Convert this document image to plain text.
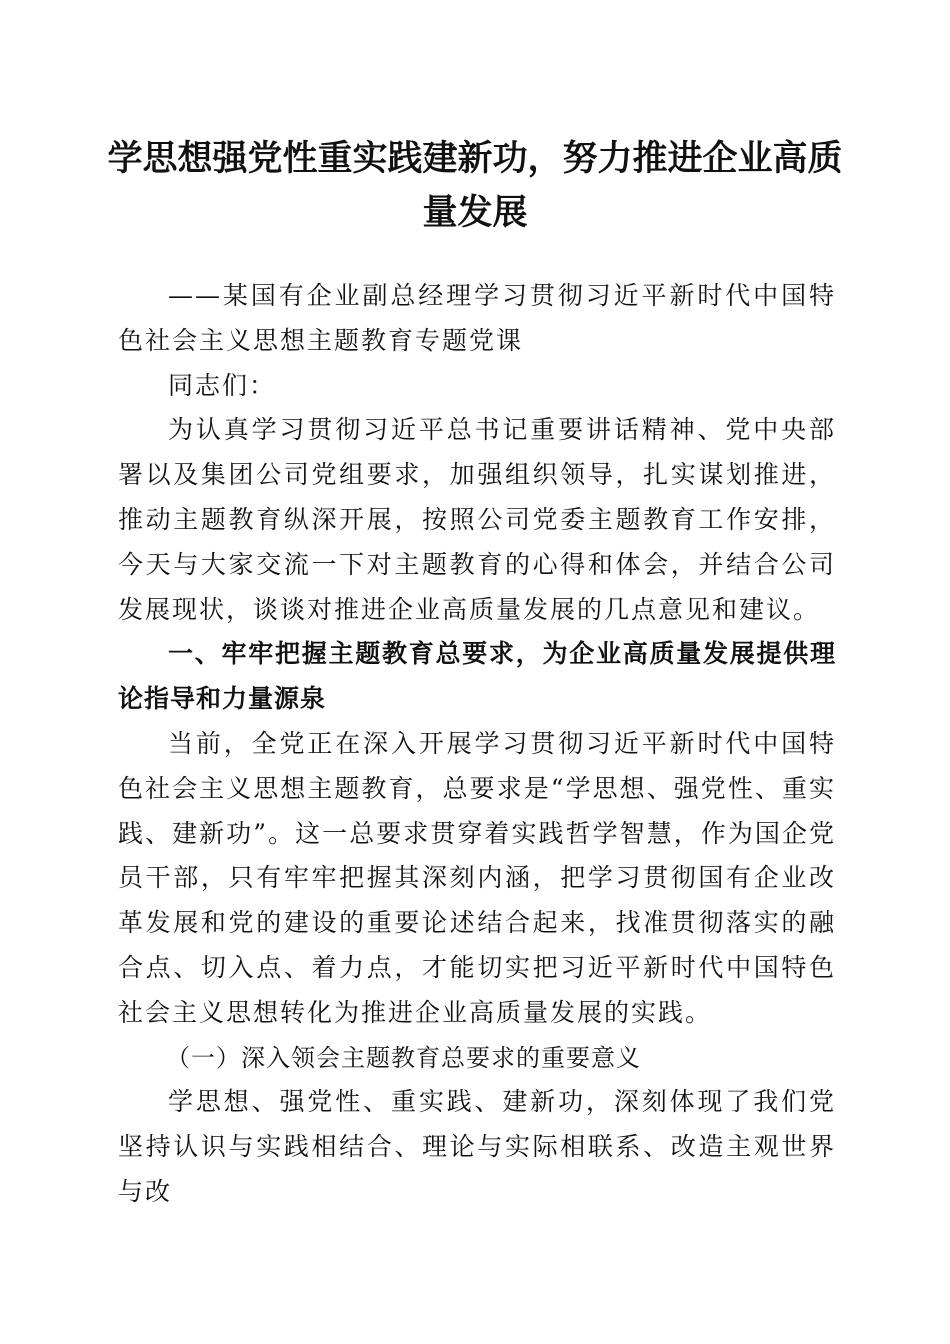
学思想强党性重实践建新功，努力推进企业高质量发展

——某国有企业副总经理学习贯彻习近平新时代中国特色社会主义思想主题教育专题党课

同志们：

为认真学习贯彻习近平总书记重要讲话精神、党中央部署以及集团公司党组要求，加强组织领导，扎实谋划推进，推动主题教育纵深开展，按照公司党委主题教育工作安排，今天与大家交流一下对主题教育的心得和体会，并结合公司发展现状，谈谈对推进企业高质量发展的几点意见和建议。

一、牢牢把握主题教育总要求，为企业高质量发展提供理论指导和力量源泉

当前，全党正在深入开展学习贯彻习近平新时代中国特色社会主义思想主题教育，总要求是“学思想、强党性、重实践、建新功”。这一总要求贯穿着实践哲学智慧，作为国企党员干部，只有牢牢把握其深刻内涵，把学习贯彻国有企业改革发展和党的建设的重要论述结合起来，找准贯彻落实的融合点、切入点、着力点，才能切实把习近平新时代中国特色社会主义思想转化为推进企业高质量发展的实践。

（一）深入领会主题教育总要求的重要意义

学思想、强党性、重实践、建新功，深刻体现了我们党坚持认识与实践相结合、理论与实际相联系、改造主观世界与改
